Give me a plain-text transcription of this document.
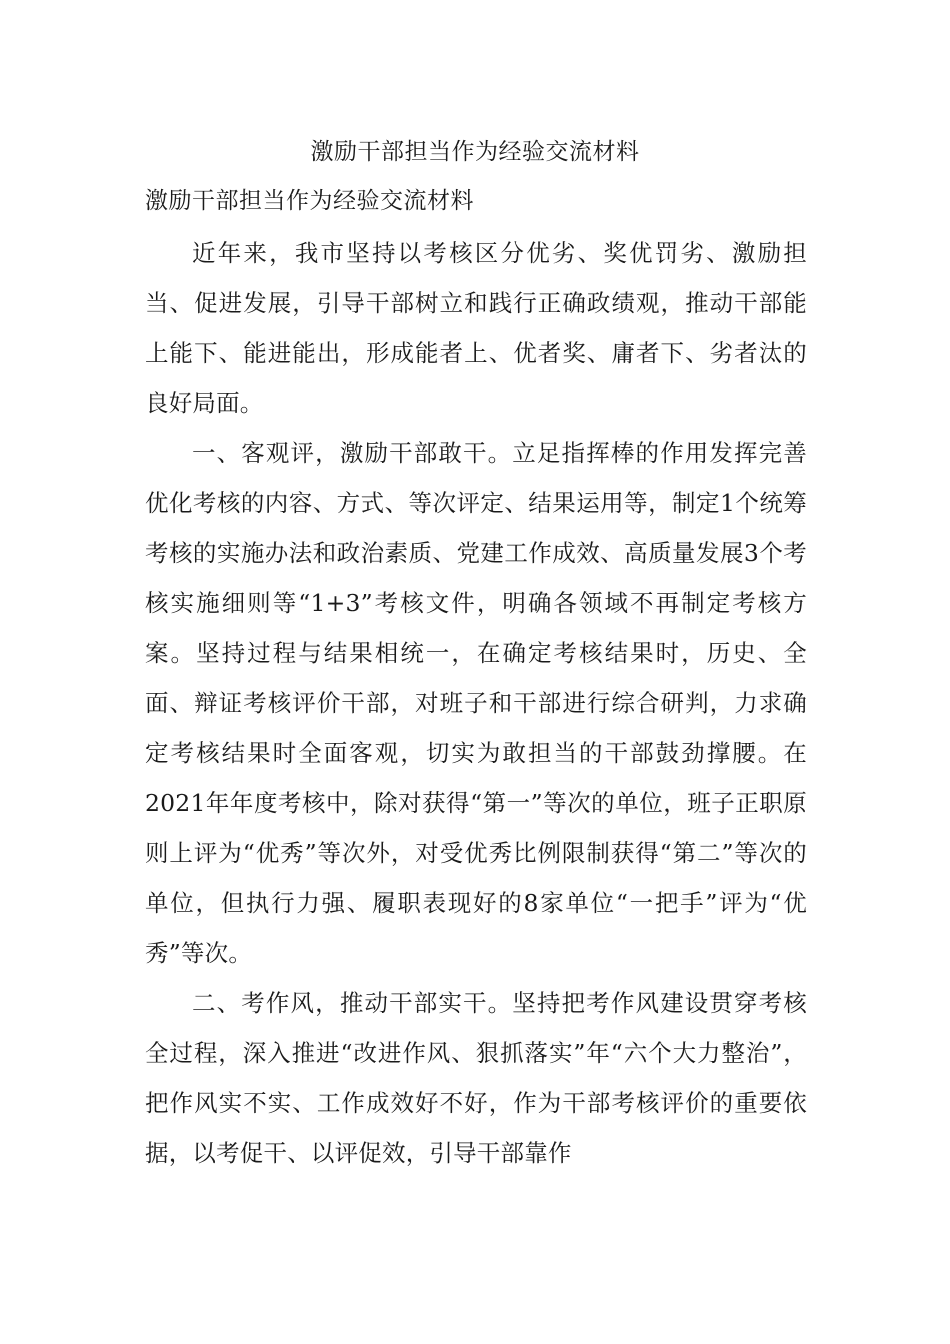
激励干部担当作为经验交流材料
激励干部担当作为经验交流材料

近年来，我市坚持以考核区分优劣、奖优罚劣、激励担当、促进发展，引导干部树立和践行正确政绩观，推动干部能上能下、能进能出，形成能者上、优者奖、庸者下、劣者汰的良好局面。

一、客观评，激励干部敢干。立足指挥棒的作用发挥完善优化考核的内容、方式、等次评定、结果运用等，制定1个统筹考核的实施办法和政治素质、党建工作成效、高质量发展3个考核实施细则等“1+3”考核文件，明确各领域不再制定考核方案。坚持过程与结果相统一，在确定考核结果时，历史、全面、辩证考核评价干部，对班子和干部进行综合研判，力求确定考核结果时全面客观，切实为敢担当的干部鼓劲撑腰。在2021年年度考核中，除对获得“第一”等次的单位，班子正职原则上评为“优秀”等次外，对受优秀比例限制获得“第二”等次的单位，但执行力强、履职表现好的8家单位“一把手”评为“优秀”等次。

二、考作风，推动干部实干。坚持把考作风建设贯穿考核全过程，深入推进“改进作风、狠抓落实”年“六个大力整治”，把作风实不实、工作成效好不好，作为干部考核评价的重要依据，以考促干、以评促效，引导干部靠作
